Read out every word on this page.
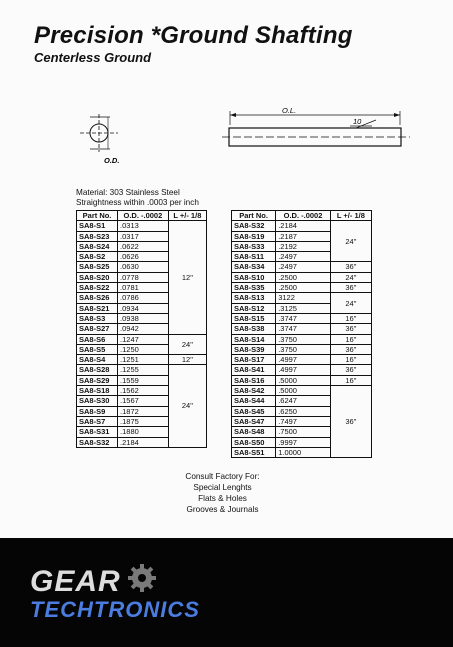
Precision *Ground Shafting
Centerless Ground
O.D.
O.L.
10
Material: 303 Stainless Steel
Straightness within .0003 per inch
Part No.	O.D. -.0002	L +/- 1/8
SA8-S1	.0313	12"
SA8-S23	.0317	
SA8-S24	.0622	
SA8-S2	.0626	
SA8-S25	.0630	
SA8-S20	.0778	
SA8-S22	.0781	
SA8-S26	.0786	
SA8-S21	.0934	
SA8-S3	.0938	
SA8-S27	.0942	
SA8-S6	.1247	24"
SA8-S5	.1250	
SA8-S4	.1251	12"
SA8-S28	.1255	24"
SA8-S29	.1559	
SA8-S18	.1562	
SA8-S30	.1567	
SA8-S9	.1872	
SA8-S7	.1875	
SA8-S31	.1880	
SA8-S32	.2184	
Part No.	O.D. -.0002	L +/- 1/8
SA8-S32	.2184	24"
SA8-S19	.2187	
SA8-S33	.2192	
SA8-S11	.2497	
SA8-S34	.2497	36"
SA8-S10	.2500	24"
SA8-S35	.2500	36"
SA8-S13	3122	24"
SA8-S12	.3125	
SA8-S15	.3747	16"
SA8-S38	.3747	36"
SA8-S14	.3750	16"
SA8-S39	.3750	36"
SA8-S17	.4997	16"
SA8-S41	.4997	36"
SA8-S16	.5000	16"
SA8-S42	.5000	36"
SA8-S44	.6247	
SA8-S45	.6250	
SA8-S47	.7497	
SA8-S48	.7500	
SA8-S50	.9997	
SA8-S51	1.0000	
Consult Factory For:
Special Lenghts
Flats & Holes
Grooves & Journals
GEAR
TECHTRONICS
